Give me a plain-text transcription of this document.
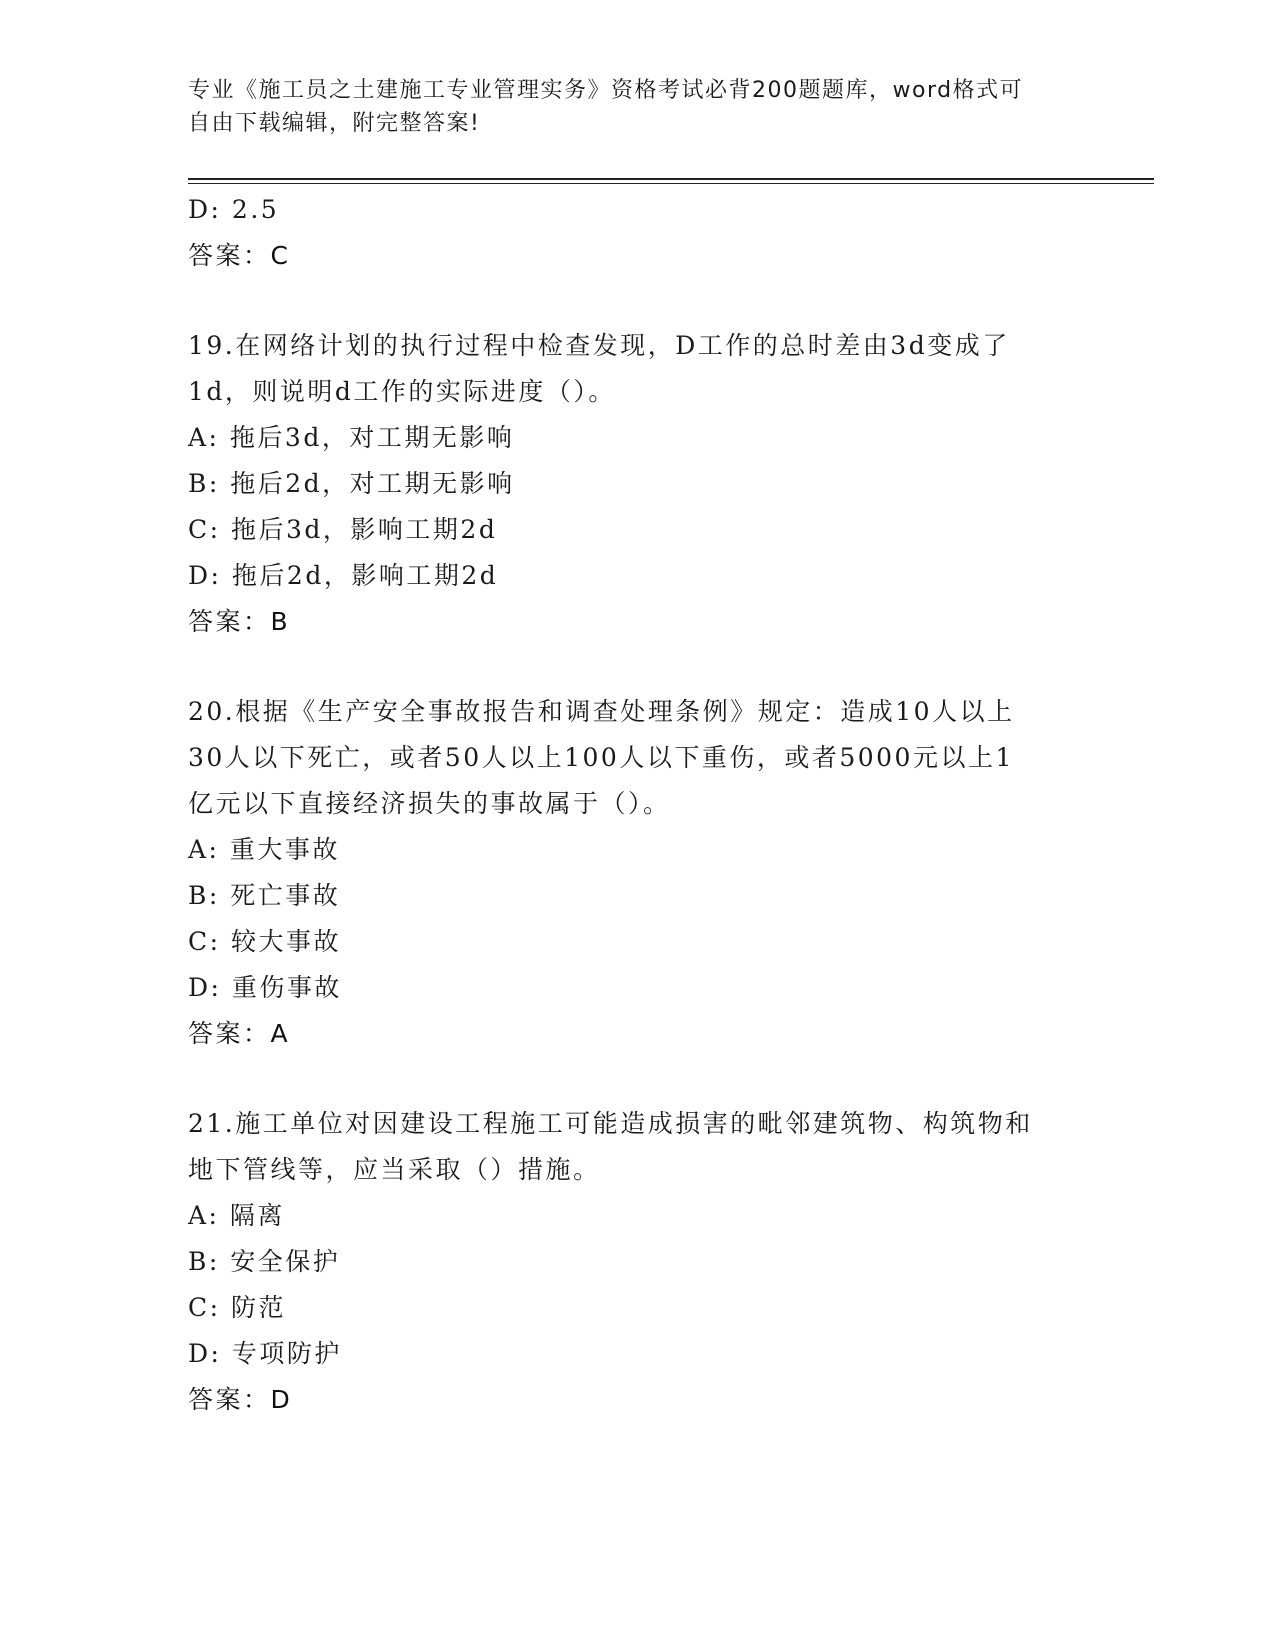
专业《施工员之土建施工专业管理实务》资格考试必背200题题库，word格式可
自由下载编辑，附完整答案!
D: 2.5
答案：C
19.在网络计划的执行过程中检查发现，D工作的总时差由3d变成了
1d，则说明d工作的实际进度（）。
A: 拖后3d，对工期无影响
B: 拖后2d，对工期无影响
C: 拖后3d，影响工期2d
D: 拖后2d，影响工期2d
答案：B
20.根据《生产安全事故报告和调查处理条例》规定：造成10人以上
30人以下死亡，或者50人以上100人以下重伤，或者5000元以上1
亿元以下直接经济损失的事故属于（）。
A: 重大事故
B: 死亡事故
C: 较大事故
D: 重伤事故
答案：A
21.施工单位对因建设工程施工可能造成损害的毗邻建筑物、构筑物和
地下管线等，应当采取（）措施。
A: 隔离
B: 安全保护
C: 防范
D: 专项防护
答案：D
